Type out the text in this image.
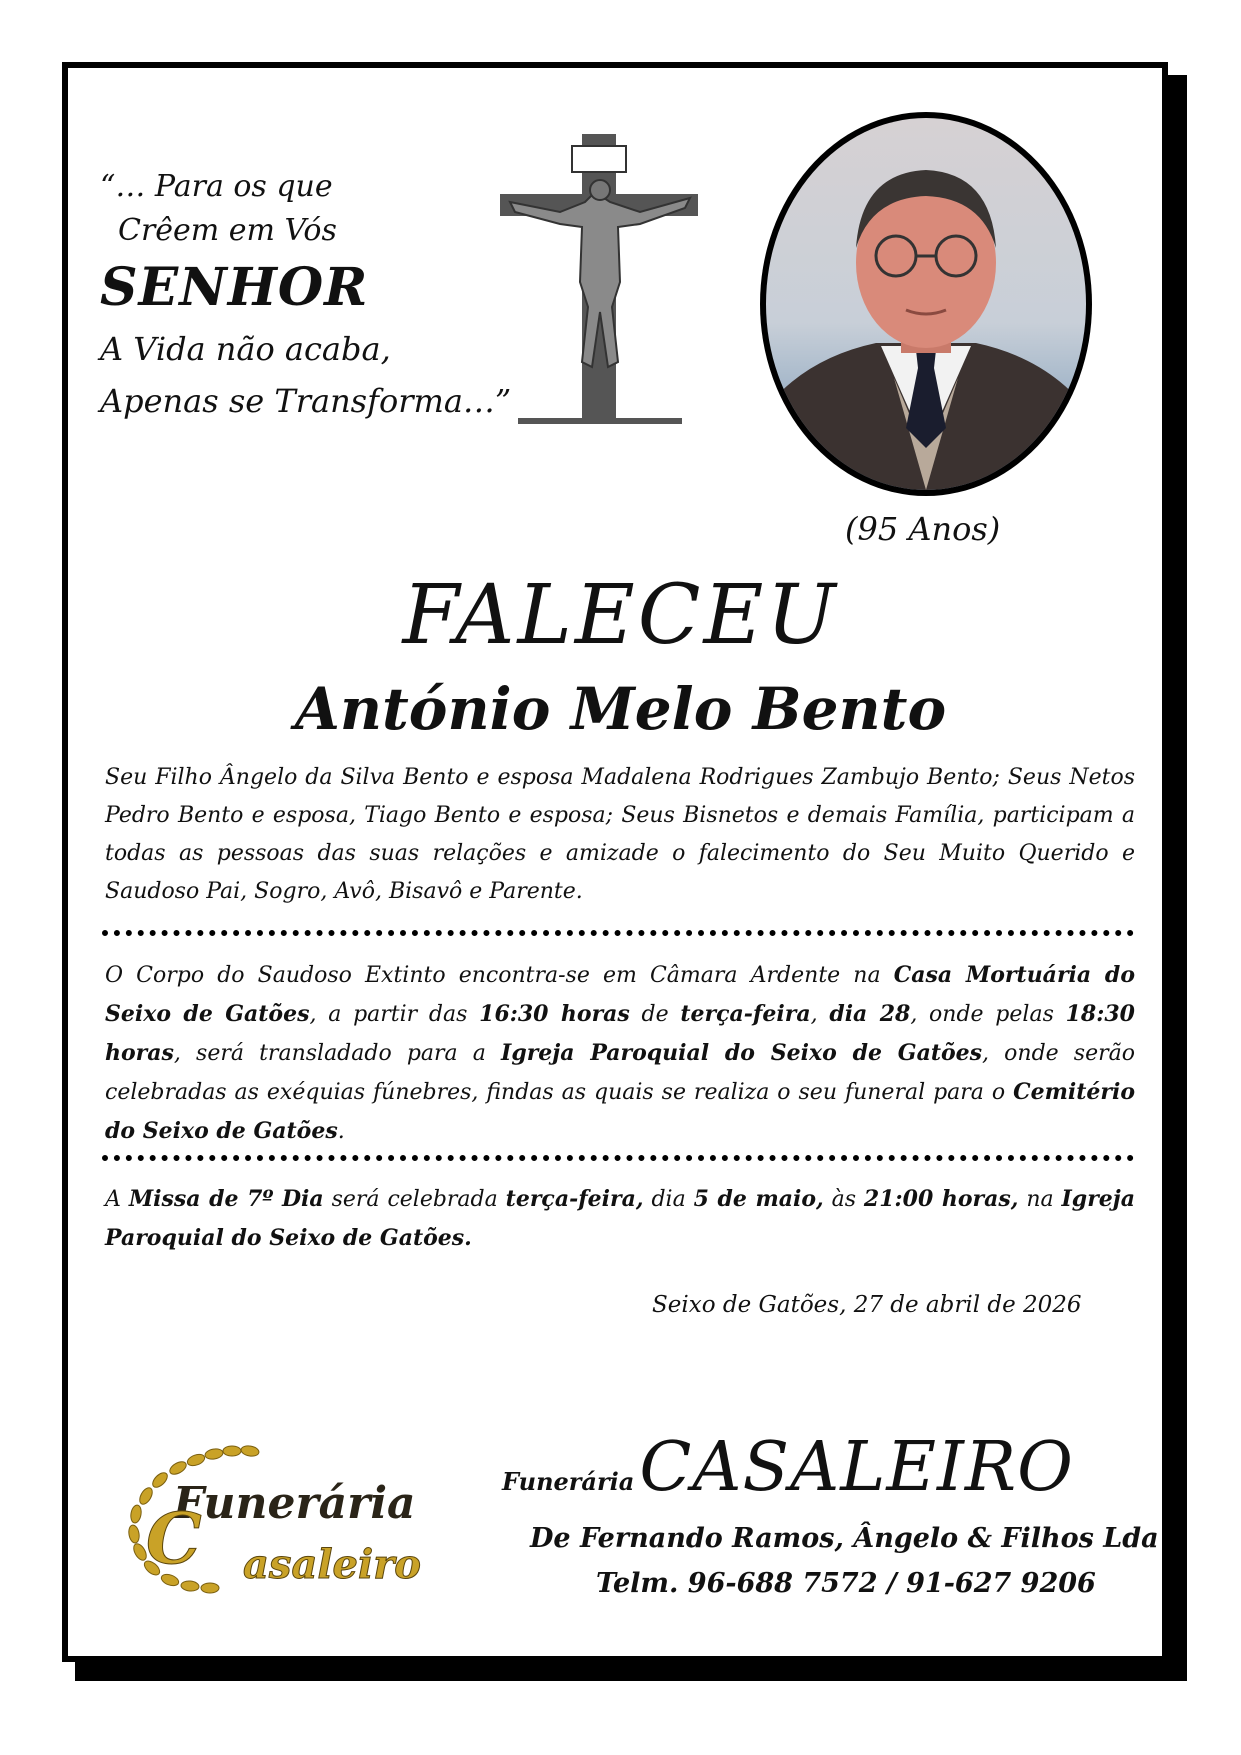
“… Para os que
Crêem em Vós
SENHOR
A Vida não acaba,
Apenas se Transforma…”
(95 Anos)
FALECEU
António Melo Bento
Seu Filho Ângelo da Silva Bento e esposa Madalena Rodrigues Zambujo Bento; Seus Netos Pedro Bento e esposa, Tiago Bento e esposa; Seus Bisnetos e demais Família, participam a todas as pessoas das suas relações e amizade o falecimento do Seu Muito Querido e Saudoso Pai, Sogro, Avô, Bisavô e Parente.
O Corpo do Saudoso Extinto encontra-se em Câmara Ardente na Casa Mortuária do Seixo de Gatões, a partir das 16:30 horas de terça-feira, dia 28, onde pelas 18:30 horas, será transladado para a Igreja Paroquial do Seixo de Gatões, onde serão celebradas as exéquias fúnebres, findas as quais se realiza o seu funeral para o Cemitério do Seixo de Gatões.
A Missa de 7º Dia será celebrada terça-feira, dia 5 de maio, às 21:00 horas, na Igreja Paroquial do Seixo de Gatões.
Seixo de Gatões, 27 de abril de 2026
Funerária
C asaleiro
Funerária CASALEIRO
De Fernando Ramos, Ângelo & Filhos Lda
Telm. 96-688 7572 / 91-627 9206
